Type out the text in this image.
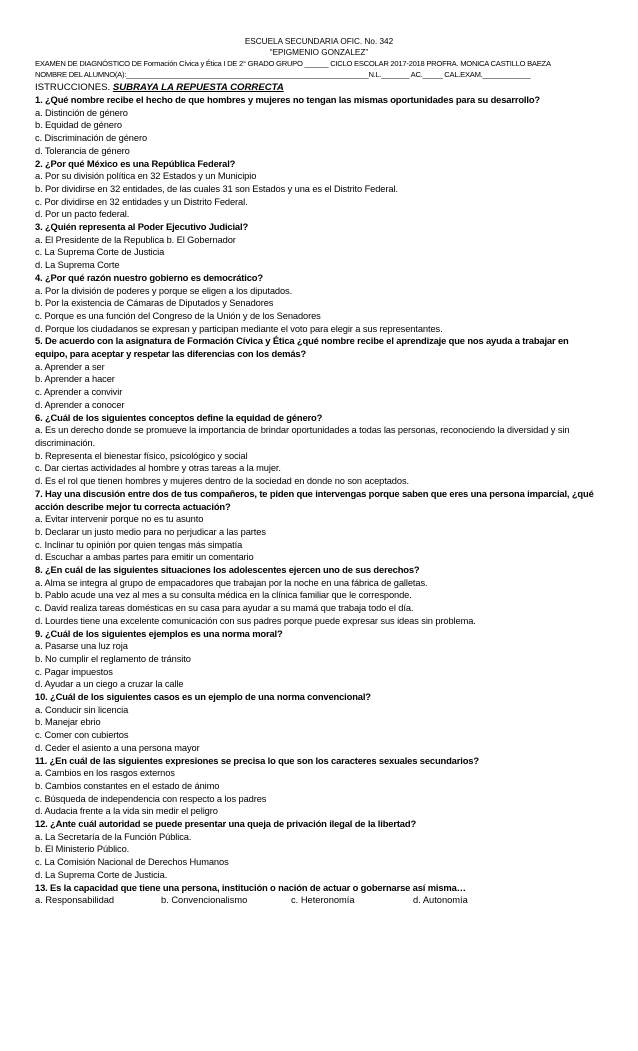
ESCUELA SECUNDARIA OFIC. No. 342
“EPIGMENIO GONZALEZ”
EXAMEN DE DIAGNÓSTICO DE Formación Cívica y Ética I DE 2° GRADO GRUPO ______ CICLO ESCOLAR 2017-2018 PROFRA. MONICA CASTILLO BAEZA
NOMBRE DEL ALUMNO(A):_____________________________________________________________N.L._______ AC._____ CAL.EXAM.____________
ISTRUCCIONES. SUBRAYA LA REPUESTA CORRECTA
1. ¿Qué nombre recibe el hecho de que hombres y mujeres no tengan las mismas oportunidades para su desarrollo?
a. Distinción de género
b. Equidad de género
c. Discriminación de género
d. Tolerancia de género
2. ¿Por qué México es una República Federal?
a. Por su división política en 32 Estados y un Municipio
b. Por dividirse en 32 entidades, de las cuales 31 son Estados y una es el Distrito Federal.
c. Por dividirse en 32 entidades y un Distrito Federal.
d. Por un pacto federal.
3. ¿Quién representa al Poder Ejecutivo Judicial?
a. El Presidente de la Republica b. El Gobernador
c. La Suprema Corte de Justicia
d. La Suprema Corte
4. ¿Por qué razón nuestro gobierno es democrático?
a. Por la división de poderes y porque se eligen a los diputados.
b. Por la existencia de Cámaras de Diputados y Senadores
c. Porque es una función del Congreso de la Unión y de los Senadores
d. Porque los ciudadanos se expresan y participan mediante el voto para elegir a sus representantes.
5. De acuerdo con la asignatura de Formación Cívica y Ética ¿qué nombre recibe el aprendizaje que nos ayuda a trabajar en equipo, para aceptar y respetar las diferencias con los demás?
a. Aprender a ser
b. Aprender a hacer
c. Aprender a convivir
d. Aprender a conocer
6. ¿Cuál de los siguientes conceptos define la equidad de género?
a. Es un derecho donde se promueve la importancia de brindar oportunidades a todas las personas, reconociendo la diversidad y sin discriminación.
b. Representa el bienestar físico, psicológico y social
c. Dar ciertas actividades al hombre y otras tareas a la mujer.
d. Es el rol que tienen hombres y mujeres dentro de la sociedad en donde no son aceptados.
7. Hay una discusión entre dos de tus compañeros, te piden que intervengas porque saben que eres una persona imparcial, ¿qué acción describe mejor tu correcta actuación?
a. Evitar intervenir porque no es tu asunto
b. Declarar un justo medio para no perjudicar a las partes
c. Inclinar tu opinión por quien tengas más simpatía
d. Escuchar a ambas partes para emitir un comentario
8. ¿En cuál de las siguientes situaciones los adolescentes ejercen uno de sus derechos?
a. Alma se integra al grupo de empacadores que trabajan por la noche en una fábrica de galletas.
b. Pablo acude una vez al mes a su consulta médica en la clínica familiar que le corresponde.
c. David realiza tareas domésticas en su casa para ayudar a su mamá que trabaja todo el día.
d. Lourdes tiene una excelente comunicación con sus padres porque puede expresar sus ideas sin problema.
9. ¿Cuál de los siguientes ejemplos es una norma moral?
a. Pasarse una luz roja
b. No cumplir el reglamento de tránsito
c. Pagar impuestos
d. Ayudar a un ciego a cruzar la calle
10. ¿Cuál de los siguientes casos es un ejemplo de una norma convencional?
a. Conducir sin licencia
b. Manejar ebrio
c. Comer con cubiertos
d. Ceder el asiento a una persona mayor
11. ¿En cuál de las siguientes expresiones se precisa lo que son los caracteres sexuales secundarios?
a. Cambios en los rasgos externos
b. Cambios constantes en el estado de ánimo
c. Búsqueda de independencia con respecto a los padres
d. Audacia frente a la vida sin medir el peligro
12. ¿Ante cuál autoridad se puede presentar una queja de privación ilegal de la libertad?
a. La Secretaría de la Función Pública.
b. El Ministerio Público.
c. La Comisión Nacional de Derechos Humanos
d. La Suprema Corte de Justicia.
13. Es la capacidad que tiene una persona, institución o nación de actuar o gobernarse así misma…
a. Responsabilidad	b. Convencionalismo	c. Heteronomía	d. Autonomía
